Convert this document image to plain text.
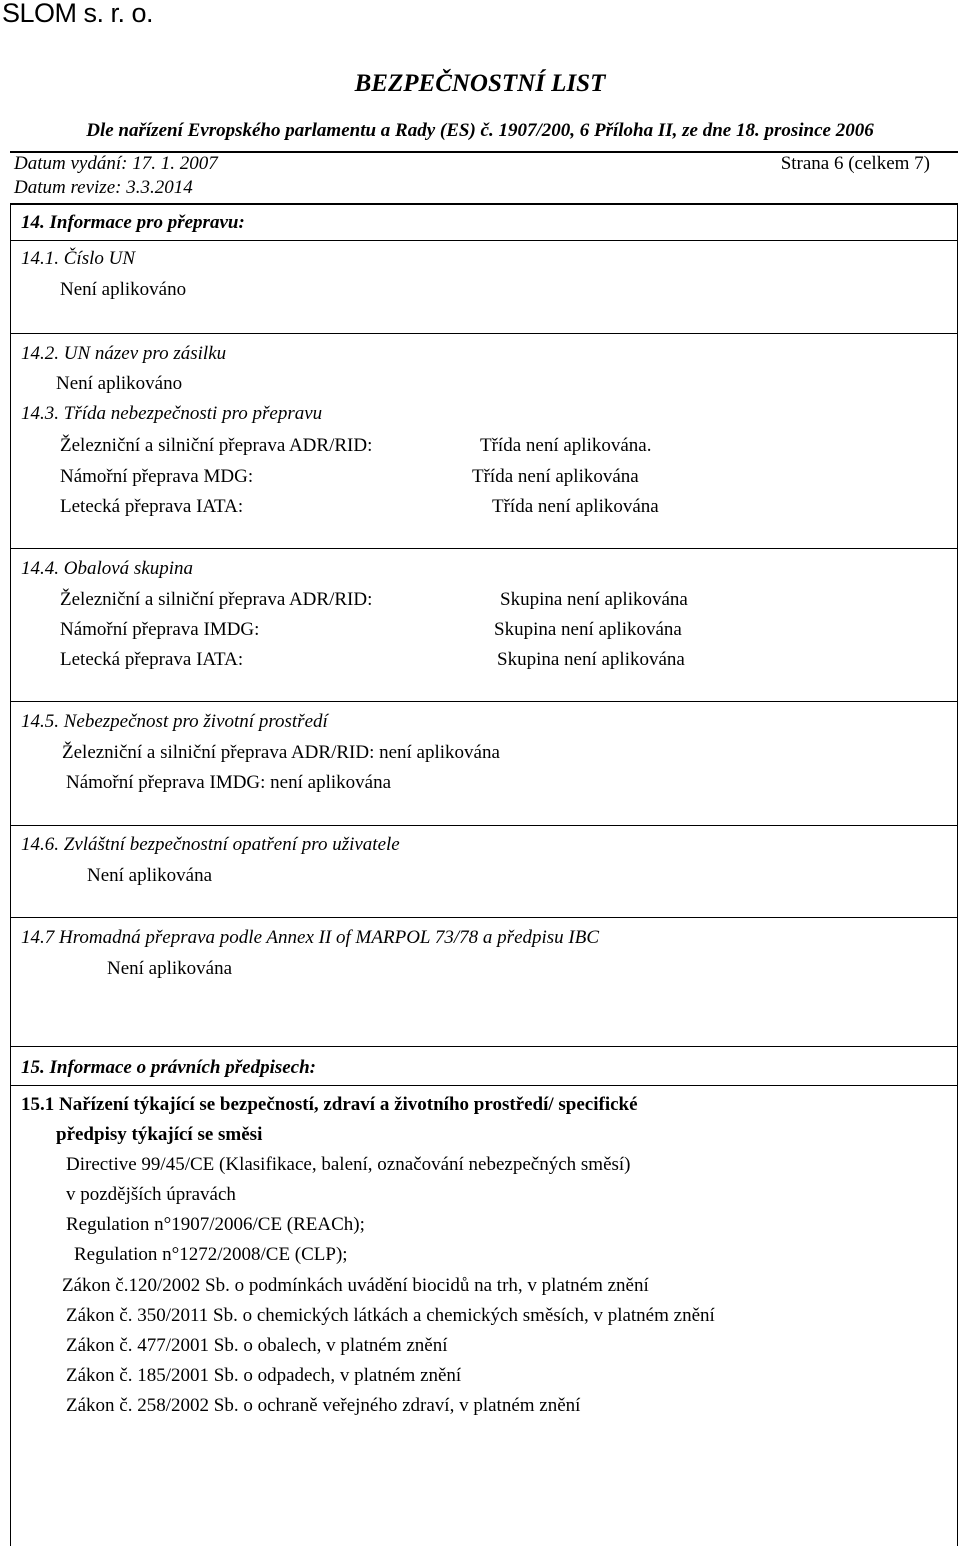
SLOM s. r. o.
BEZPEČNOSTNÍ LIST
Dle nařízení Evropského parlamentu a Rady (ES) č. 1907/200, 6 Příloha II, ze dne 18. prosince 2006
Datum vydání: 17. 1. 2007
Datum revize: 3.3.2014
Strana 6 (celkem 7)
14. Informace pro přepravu:
14.1. Číslo UN
Není aplikováno
14.2. UN název pro zásilku
Není aplikováno
14.3. Třída nebezpečnosti pro přepravu
Železniční a silniční přeprava ADR/RID:	Třída není aplikována.
Námořní přeprava MDG:	Třída není aplikována
Letecká přeprava IATA:	Třída není aplikována
14.4. Obalová skupina
Železniční a silniční přeprava ADR/RID:	Skupina není aplikována
Námořní přeprava IMDG:	Skupina není aplikována
Letecká přeprava IATA:	Skupina není aplikována
14.5. Nebezpečnost pro životní prostředí
Železniční a silniční přeprava ADR/RID: není aplikována
Námořní přeprava IMDG: není aplikována
14.6. Zvláštní bezpečnostní opatření pro uživatele
Není aplikována
14.7 Hromadná přeprava podle Annex II of MARPOL 73/78 a předpisu IBC
Není aplikována
15. Informace o právních předpisech:
15.1 Nařízení týkající se bezpečností, zdraví a životního prostředí/ specifické
předpisy týkající se směsi
Directive 99/45/CE (Klasifikace, balení, označování nebezpečných směsí)
v pozdějších úpravách
Regulation n°1907/2006/CE (REACh);
Regulation n°1272/2008/CE (CLP);
Zákon č.120/2002 Sb. o podmínkách uvádění biocidů na trh, v platném znění
Zákon č. 350/2011 Sb. o chemických látkách a chemických směsích, v platném znění
Zákon č. 477/2001 Sb. o obalech, v platném znění
Zákon č. 185/2001 Sb. o odpadech, v platném znění
Zákon č. 258/2002 Sb. o ochraně veřejného zdraví, v platném znění
